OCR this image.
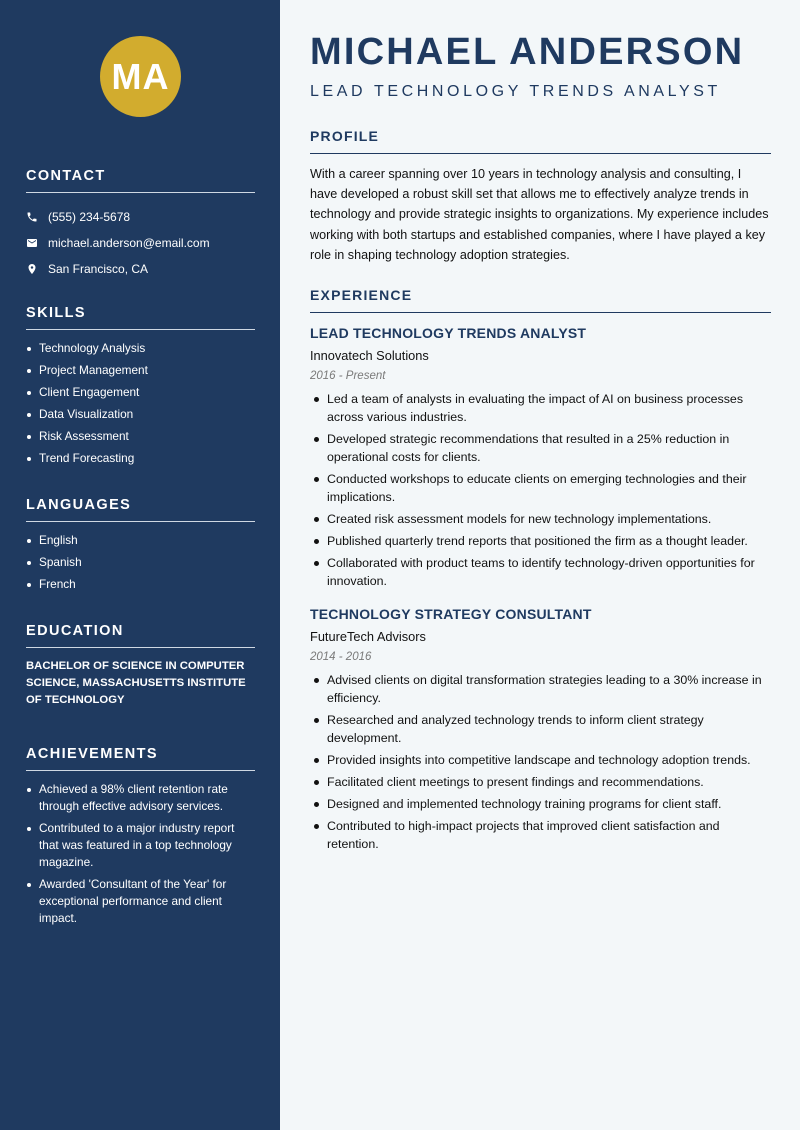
MA
CONTACT
(555) 234-5678
michael.anderson@email.com
San Francisco, CA
SKILLS
Technology Analysis
Project Management
Client Engagement
Data Visualization
Risk Assessment
Trend Forecasting
LANGUAGES
English
Spanish
French
EDUCATION
BACHELOR OF SCIENCE IN COMPUTER SCIENCE, MASSACHUSETTS INSTITUTE OF TECHNOLOGY
ACHIEVEMENTS
Achieved a 98% client retention rate through effective advisory services.
Contributed to a major industry report that was featured in a top technology magazine.
Awarded 'Consultant of the Year' for exceptional performance and client impact.
MICHAEL ANDERSON
LEAD TECHNOLOGY TRENDS ANALYST
PROFILE
With a career spanning over 10 years in technology analysis and consulting, I have developed a robust skill set that allows me to effectively analyze trends in technology and provide strategic insights to organizations. My experience includes working with both startups and established companies, where I have played a key role in shaping technology adoption strategies.
EXPERIENCE
LEAD TECHNOLOGY TRENDS ANALYST
Innovatech Solutions
2016 - Present
Led a team of analysts in evaluating the impact of AI on business processes across various industries.
Developed strategic recommendations that resulted in a 25% reduction in operational costs for clients.
Conducted workshops to educate clients on emerging technologies and their implications.
Created risk assessment models for new technology implementations.
Published quarterly trend reports that positioned the firm as a thought leader.
Collaborated with product teams to identify technology-driven opportunities for innovation.
TECHNOLOGY STRATEGY CONSULTANT
FutureTech Advisors
2014 - 2016
Advised clients on digital transformation strategies leading to a 30% increase in efficiency.
Researched and analyzed technology trends to inform client strategy development.
Provided insights into competitive landscape and technology adoption trends.
Facilitated client meetings to present findings and recommendations.
Designed and implemented technology training programs for client staff.
Contributed to high-impact projects that improved client satisfaction and retention.
